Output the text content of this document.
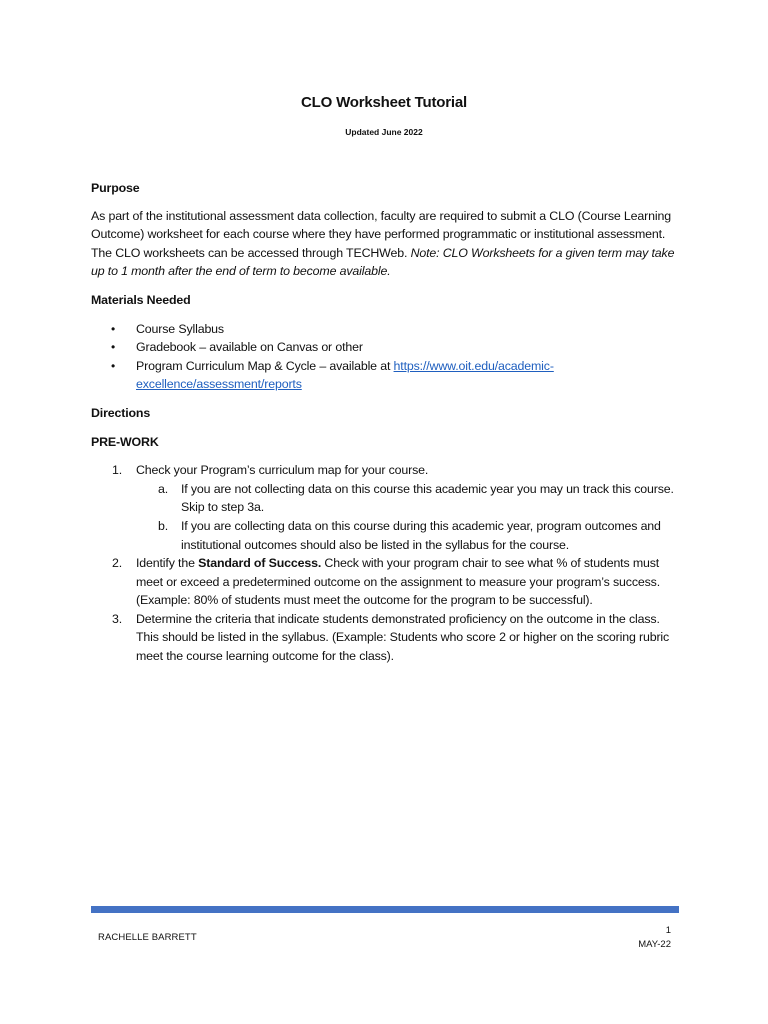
CLO Worksheet Tutorial
Updated June 2022

Purpose

As part of the institutional assessment data collection, faculty are required to submit a CLO (Course Learning Outcome) worksheet for each course where they have performed programmatic or institutional assessment. The CLO worksheets can be accessed through TECHWeb. Note: CLO Worksheets for a given term may take up to 1 month after the end of term to become available.

Materials Needed

• Course Syllabus
• Gradebook – available on Canvas or other
• Program Curriculum Map & Cycle – available at https://www.oit.edu/academic-excellence/assessment/reports

Directions

PRE-WORK

1. Check your Program’s curriculum map for your course.
a. If you are not collecting data on this course this academic year you may un track this course. Skip to step 3a.
b. If you are collecting data on this course during this academic year, program outcomes and institutional outcomes should also be listed in the syllabus for the course.
2. Identify the Standard of Success. Check with your program chair to see what % of students must meet or exceed a predetermined outcome on the assignment to measure your program’s success. (Example: 80% of students must meet the outcome for the program to be successful).
3. Determine the criteria that indicate students demonstrated proficiency on the outcome in the class. This should be listed in the syllabus. (Example: Students who score 2 or higher on the scoring rubric meet the course learning outcome for the class).
RACHELLE BARRETT
1
MAY-22
